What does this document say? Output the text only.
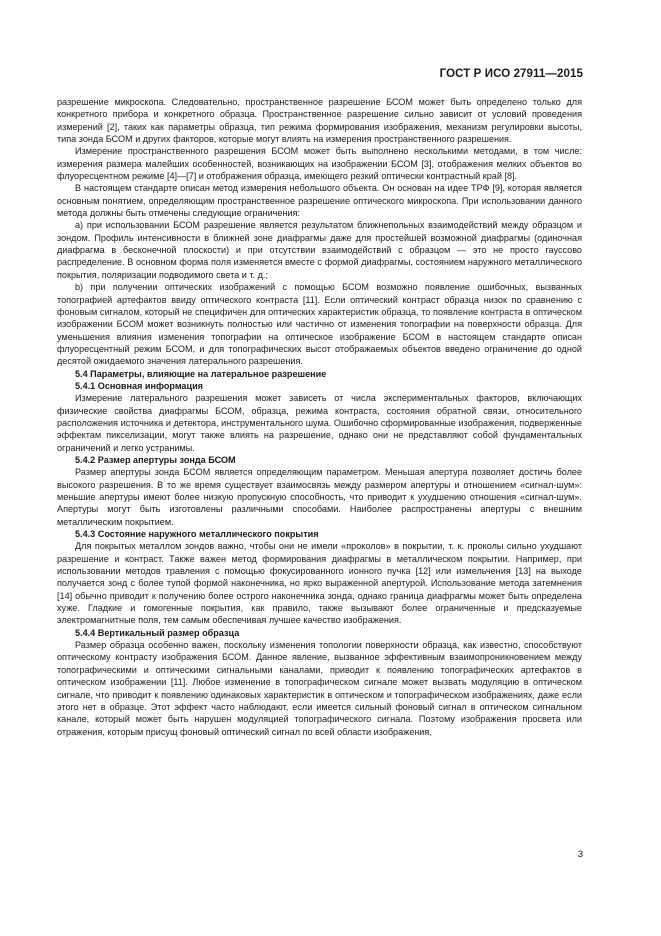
ГОСТ Р ИСО 27911—2015

разрешение микроскопа. Следовательно, пространственное разрешение БСОМ может быть определено только для конкретного прибора и конкретного образца. Пространственное разрешение сильно зависит от условий проведения измерений [2], таких как параметры образца, тип режима формирования изображения, механизм регулировки высоты, типа зонда БСОМ и других факторов, которые могут влиять на измерения пространственного разрешения.

Измерение пространственного разрешения БСОМ может быть выполнено несколькими методами, в том числе: измерения размера малейших особенностей, возникающих на изображении БСОМ [3], отображения мелких объектов во флуоресцентном режиме [4]—[7] и отображения образца, имеющего резкий оптически контрастный край [8].

В настоящем стандарте описан метод измерения небольшого объекта. Он основан на идее ТРФ [9], которая является основным понятием, определяющим пространственное разрешение оптического микроскопа. При использовании данного метода должны быть отмечены следующие ограничения:

а) при использовании БСОМ разрешение является результатом ближнепольных взаимодействий между образцом и зондом. Профиль интенсивности в ближней зоне диафрагмы даже для простейшей возможной диафрагмы (одиночная диафрагма в бесконечной плоскости) и при отсутствии взаимодействий с образцом — это не просто гауссово распределение. В основном форма поля изменяется вместе с формой диафрагмы, состоянием наружного металлического покрытия, поляризации подводимого света и т. д.;

b) при получении оптических изображений с помощью БСОМ возможно появление ошибочных, вызванных топографией артефактов ввиду оптического контраста [11]. Если оптический контраст образца низок по сравнению с фоновым сигналом, который не специфичен для оптических характеристик образца, то появление контраста в оптическом изображении БСОМ может возникнуть полностью или частично от изменения топографии на поверхности образца. Для уменьшения влияния изменения топографии на оптическое изображение БСОМ в настоящем стандарте описан флуоресцентный режим БСОМ, и для топографических высот отображаемых объектов введено ограничение до одной десятой ожидаемого значения латерального разрешения.

5.4 Параметры, влияющие на латеральное разрешение
5.4.1 Основная информация

Измерение латерального разрешения может зависеть от числа экспериментальных факторов, включающих физические свойства диафрагмы БСОМ, образца, режима контраста, состояния обратной связи, относительного расположения источника и детектора, инструментального шума. Ошибочно сформированные изображения, подверженные эффектам пикселизации, могут также влиять на разрешение, однако они не представляют собой фундаментальных ограничений и легко устранимы.

5.4.2 Размер апертуры зонда БСОМ

Размер апертуры зонда БСОМ является определяющим параметром. Меньшая апертура позволяет достичь более высокого разрешения. В то же время существует взаимосвязь между размером апертуры и отношением «сигнал-шум»: меньшие апертуры имеют более низкую пропускную способность, что приводит к ухудшению отношения «сигнал-шум». Апертуры могут быть изготовлены различными способами. Наиболее распространены апертуры с внешним металлическим покрытием.

5.4.3 Состояние наружного металлического покрытия

Для покрытых металлом зондов важно, чтобы они не имели «проколов» в покрытии, т. к. проколы сильно ухудшают разрешение и контраст. Также важен метод формирования диафрагмы в металлическом покрытии. Например, при использовании методов травления с помощью фокусированного ионного пучка [12] или измельчения [13] на выходе получается зонд с более тупой формой наконечника, но ярко выраженной апертурой. Использование метода затемнения [14] обычно приводит к получению более острого наконечника зонда, однако граница диафрагмы может быть определена хуже. Гладкие и гомогенные покрытия, как правило, также вызывают более ограниченные и предсказуемые электромагнитные поля, тем самым обеспечивая лучшее качество изображения.

5.4.4 Вертикальный размер образца

Размер образца особенно важен, поскольку изменения топологии поверхности образца, как известно, способствуют оптическому контрасту изображения БСОМ. Данное явление, вызванное эффективным взаимопроникновением между топографическими и оптическими сигнальными каналами, приводит к появлению топографических артефактов в оптическом изображении [11]. Любое изменение в топографическом сигнале может вызвать модуляцию в оптическом сигнале, что приводит к появлению одинаковых характеристик в оптическом и топографическом изображениях, даже если этого нет в образце. Этот эффект часто наблюдают, если имеется сильный фоновый сигнал в оптическом сигнальном канале, который может быть нарушен модуляцией топографического сигнала. Поэтому изображения просвета или отражения, которым присущ фоновый оптический сигнал по всей области изображения,

3
